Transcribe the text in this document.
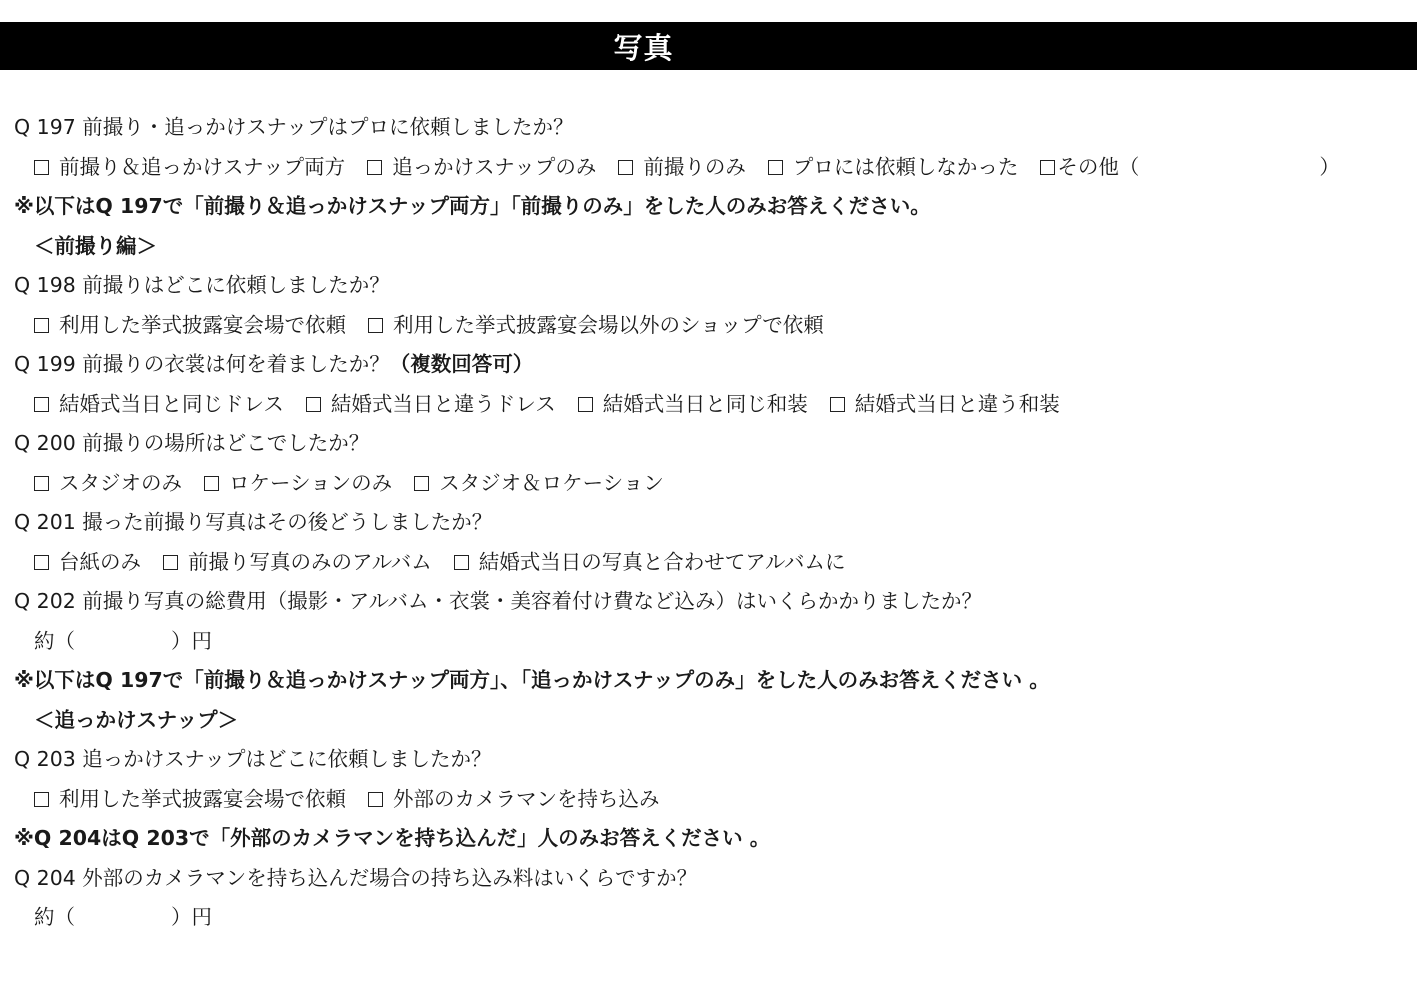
写真
Q 197 前撮り・追っかけスナップはプロに依頼しましたか？
前撮り＆追っかけスナップ両方 追っかけスナップのみ 前撮りのみ プロには依頼しなかった その他（	）
※以下はQ 197で「前撮り＆追っかけスナップ両方」「前撮りのみ」をした人のみお答えください。
＜前撮り編＞
Q 198 前撮りはどこに依頼しましたか？
利用した挙式披露宴会場で依頼 利用した挙式披露宴会場以外のショップで依頼
Q 199 前撮りの衣裳は何を着ましたか？（複数回答可）
結婚式当日と同じドレス 結婚式当日と違うドレス 結婚式当日と同じ和装 結婚式当日と違う和装
Q 200 前撮りの場所はどこでしたか？
スタジオのみ ロケーションのみ スタジオ＆ロケーション
Q 201 撮った前撮り写真はその後どうしましたか？
台紙のみ 前撮り写真のみのアルバム 結婚式当日の写真と合わせてアルバムに
Q 202 前撮り写真の総費用（撮影・アルバム・衣裳・美容着付け費など込み）はいくらかかりましたか？
約（	）円
※以下はQ 197で「前撮り＆追っかけスナップ両方」、「追っかけスナップのみ」をした人のみお答えください 。
＜追っかけスナップ＞
Q 203 追っかけスナップはどこに依頼しましたか？
利用した挙式披露宴会場で依頼 外部のカメラマンを持ち込み
※Q 204はQ 203で「外部のカメラマンを持ち込んだ」人のみお答えください 。
Q 204 外部のカメラマンを持ち込んだ場合の持ち込み料はいくらですか？
約（	）円
